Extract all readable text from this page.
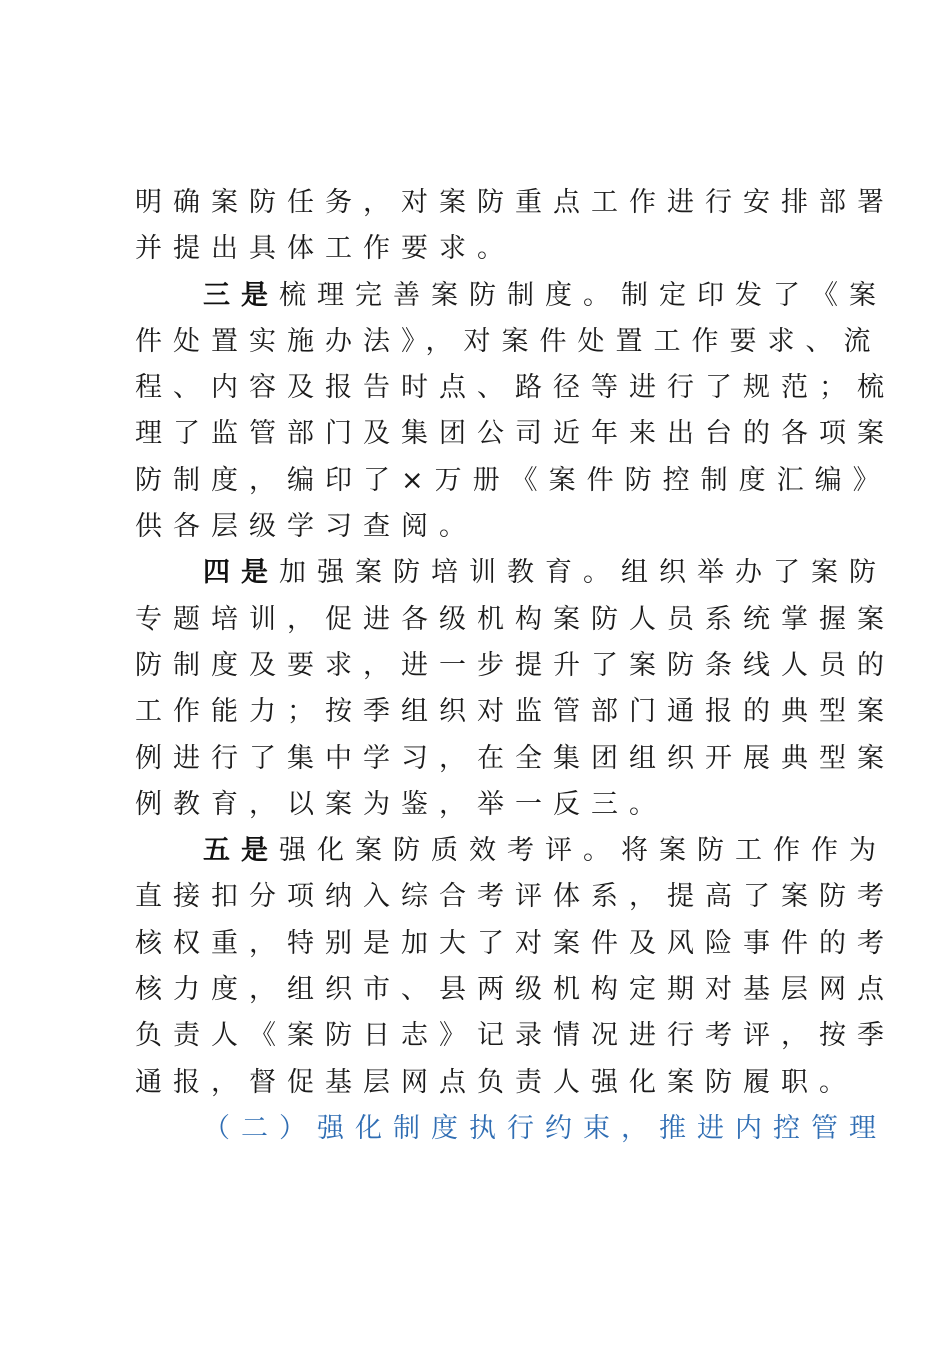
明确案防任务，对案防重点工作进行安排部署
并提出具体工作要求。
三是梳理完善案防制度。制定印发了《案
件处置实施办法》，对案件处置工作要求、流
程、内容及报告时点、路径等进行了规范；梳
理了监管部门及集团公司近年来出台的各项案
防制度，编印了×万册《案件防控制度汇编》
供各层级学习查阅。
四是加强案防培训教育。组织举办了案防
专题培训，促进各级机构案防人员系统掌握案
防制度及要求，进一步提升了案防条线人员的
工作能力；按季组织对监管部门通报的典型案
例进行了集中学习，在全集团组织开展典型案
例教育，以案为鉴，举一反三。
五是强化案防质效考评。将案防工作作为
直接扣分项纳入综合考评体系，提高了案防考
核权重，特别是加大了对案件及风险事件的考
核力度，组织市、县两级机构定期对基层网点
负责人《案防日志》记录情况进行考评，按季
通报，督促基层网点负责人强化案防履职。
（二）强化制度执行约束，推进内控管理
